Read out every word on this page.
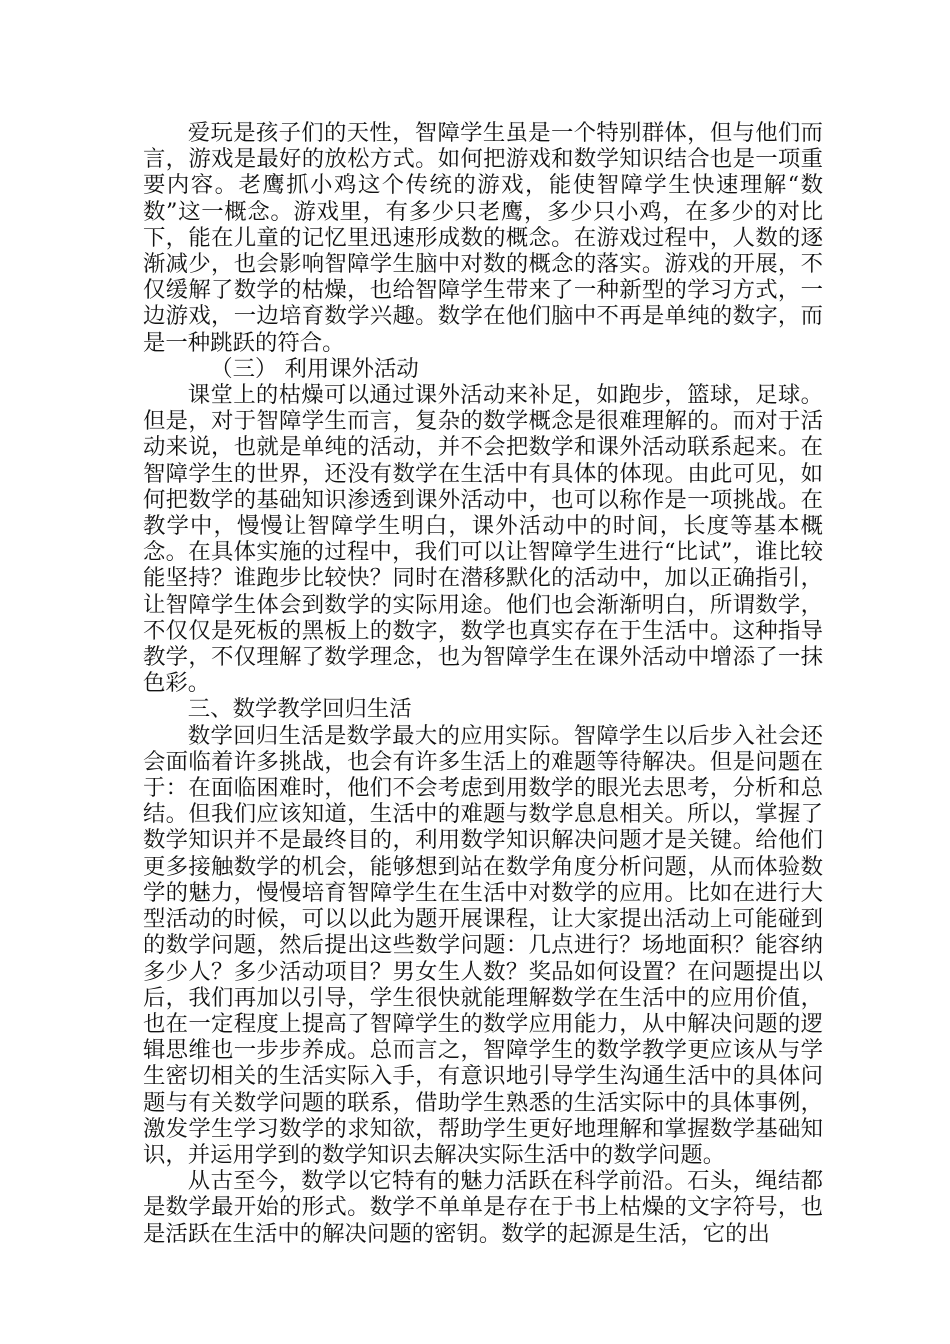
爱玩是孩子们的天性，智障学生虽是一个特别群体，但与他们而言，游戏是最好的放松方式。如何把游戏和数学知识结合也是一项重要内容。老鹰抓小鸡这个传统的游戏，能使智障学生快速理解“数数”这一概念。游戏里，有多少只老鹰，多少只小鸡，在多少的对比下，能在儿童的记忆里迅速形成数的概念。在游戏过程中，人数的逐渐减少，也会影响智障学生脑中对数的概念的落实。游戏的开展，不仅缓解了数学的枯燥，也给智障学生带来了一种新型的学习方式，一边游戏，一边培育数学兴趣。数学在他们脑中不再是单纯的数字，而是一种跳跃的符合。

（三） 利用课外活动

课堂上的枯燥可以通过课外活动来补足，如跑步，篮球，足球。但是，对于智障学生而言，复杂的数学概念是很难理解的。而对于活动来说，也就是单纯的活动，并不会把数学和课外活动联系起来。在智障学生的世界，还没有数学在生活中有具体的体现。由此可见，如何把数学的基础知识渗透到课外活动中，也可以称作是一项挑战。在教学中，慢慢让智障学生明白，课外活动中的时间，长度等基本概念。在具体实施的过程中，我们可以让智障学生进行“比试”，谁比较能坚持？谁跑步比较快？同时在潜移默化的活动中，加以正确指引，让智障学生体会到数学的实际用途。他们也会渐渐明白，所谓数学，不仅仅是死板的黑板上的数字，数学也真实存在于生活中。这种指导教学，不仅理解了数学理念，也为智障学生在课外活动中增添了一抹色彩。

三、数学教学回归生活

数学回归生活是数学最大的应用实际。智障学生以后步入社会还会面临着许多挑战，也会有许多生活上的难题等待解决。但是问题在于：在面临困难时，他们不会考虑到用数学的眼光去思考，分析和总结。但我们应该知道，生活中的难题与数学息息相关。所以，掌握了数学知识并不是最终目的，利用数学知识解决问题才是关键。给他们更多接触数学的机会，能够想到站在数学角度分析问题，从而体验数学的魅力，慢慢培育智障学生在生活中对数学的应用。比如在进行大型活动的时候，可以以此为题开展课程，让大家提出活动上可能碰到的数学问题，然后提出这些数学问题：几点进行？场地面积？能容纳多少人？多少活动项目？男女生人数？奖品如何设置？在问题提出以后，我们再加以引导，学生很快就能理解数学在生活中的应用价值，也在一定程度上提高了智障学生的数学应用能力，从中解决问题的逻辑思维也一步步养成。总而言之，智障学生的数学教学更应该从与学生密切相关的生活实际入手，有意识地引导学生沟通生活中的具体问题与有关数学问题的联系，借助学生熟悉的生活实际中的具体事例，激发学生学习数学的求知欲，帮助学生更好地理解和掌握数学基础知识，并运用学到的数学知识去解决实际生活中的数学问题。

从古至今，数学以它特有的魅力活跃在科学前沿。石头，绳结都是数学最开始的形式。数学不单单是存在于书上枯燥的文字符号，也是活跃在生活中的解决问题的密钥。数学的起源是生活，它的出
